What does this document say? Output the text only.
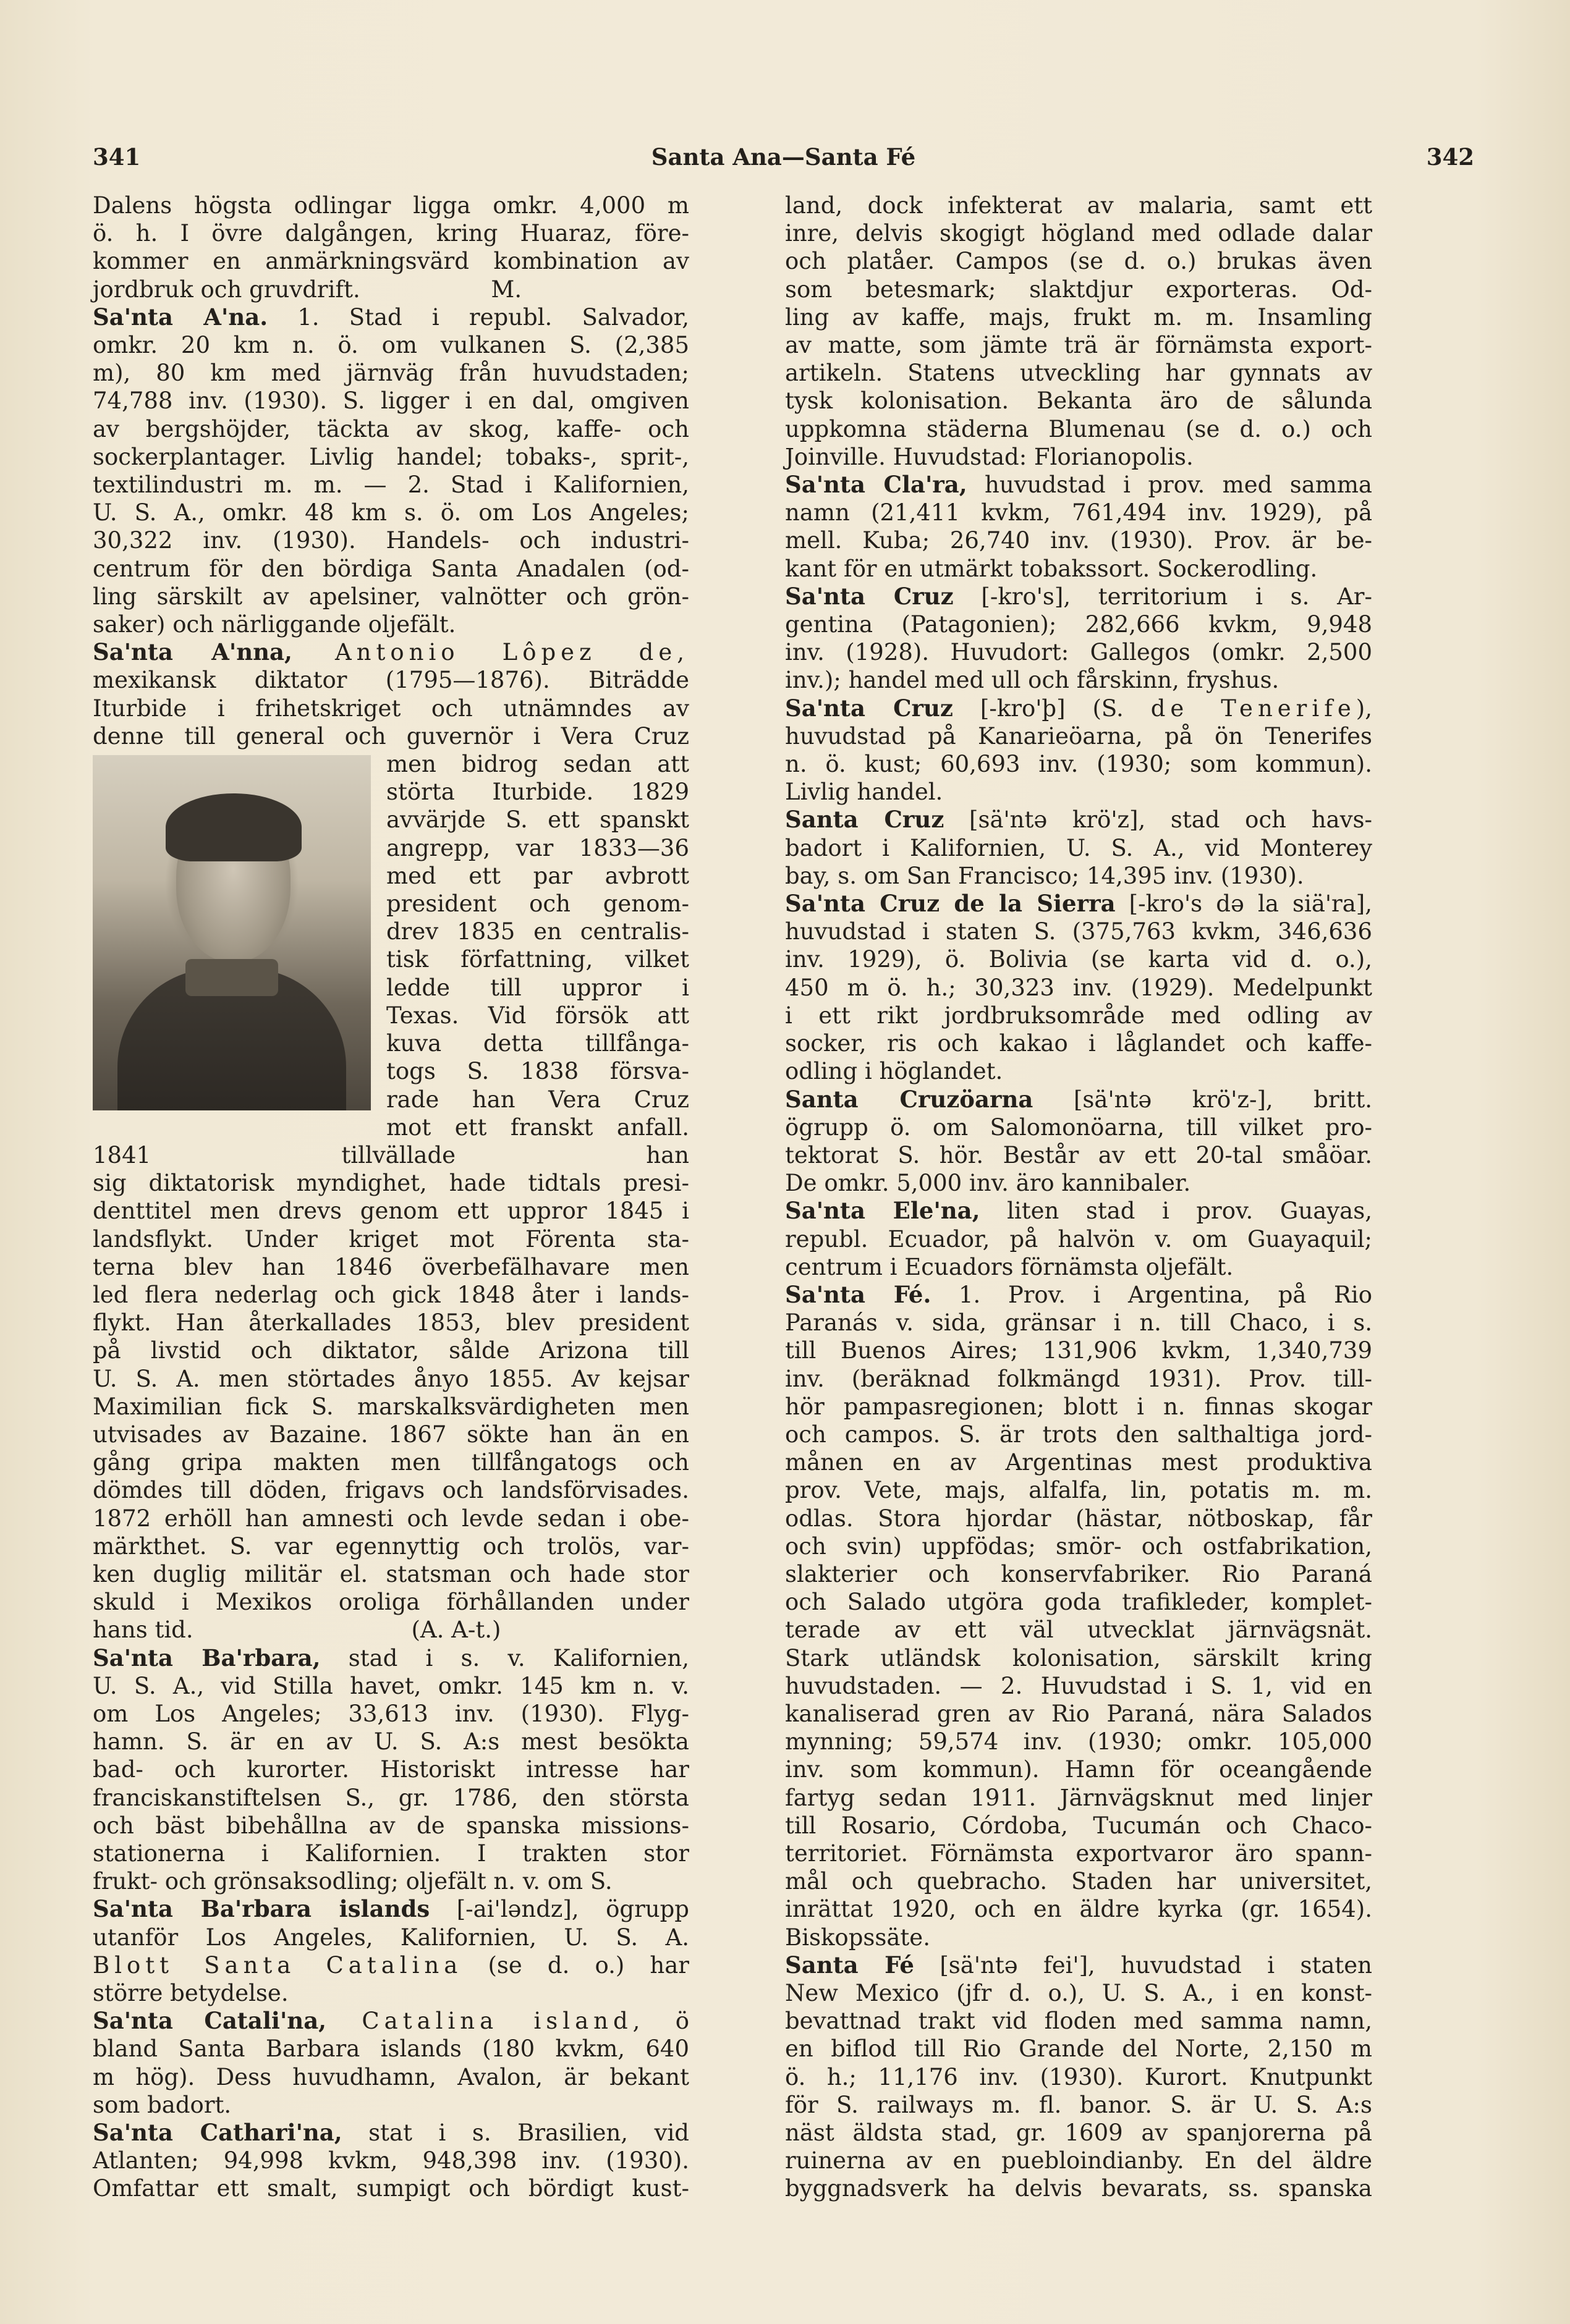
341	Santa Ana—Santa Fé	342

Dalens högsta odlingar ligga omkr. 4,000 m

ö. h. I övre dalgången, kring Huaraz, före-

kommer en anmärkningsvärd kombination av

jordbruk och gruvdrift.                  M.

Sa'nta A'na. 1. Stad i republ. Salvador,

omkr. 20 km n. ö. om vulkanen S. (2,385

m), 80 km med järnväg från huvudstaden;

74,788 inv. (1930). S. ligger i en dal, omgiven

av bergshöjder, täckta av skog, kaffe- och

sockerplantager. Livlig handel; tobaks-, sprit-,

textilindustri m. m. — 2. Stad i Kalifornien,

U. S. A., omkr. 48 km s. ö. om Los Angeles;

30,322 inv. (1930). Handels- och industri-

centrum för den bördiga Santa Anadalen (od-

ling särskilt av apelsiner, valnötter och grön-

saker) och närliggande oljefält.

Sa'nta A'nna, Antonio Lôpez de,

mexikansk diktator (1795—1876). Biträdde

Iturbide i frihetskriget och utnämndes av

denne till general och guvernör i Vera Cruz

men bidrog sedan att

störta Iturbide. 1829

avvärjde S. ett spanskt

angrepp, var 1833—36

med ett par avbrott

president och genom-

drev 1835 en centralis-

tisk författning, vilket

ledde till uppror i

Texas. Vid försök att

kuva detta tillfånga-

togs S. 1838 försva-

rade han Vera Cruz

mot ett franskt anfall.

1841 tillvällade han

sig diktatorisk myndighet, hade tidtals presi-

denttitel men drevs genom ett uppror 1845 i

landsflykt. Under kriget mot Förenta sta-

terna blev han 1846 överbefälhavare men

led flera nederlag och gick 1848 åter i lands-

flykt. Han återkallades 1853, blev president

på livstid och diktator, sålde Arizona till

U. S. A. men störtades ånyo 1855. Av kejsar

Maximilian fick S. marskalksvärdigheten men

utvisades av Bazaine. 1867 sökte han än en

gång gripa makten men tillfångatogs och

dömdes till döden, frigavs och landsförvisades.

1872 erhöll han amnesti och levde sedan i obe-

märkthet. S. var egennyttig och trolös, var-

ken duglig militär el. statsman och hade stor

skuld i Mexikos oroliga förhållanden under

hans tid.                              (A. A-t.)

Sa'nta Ba'rbara, stad i s. v. Kalifornien,

U. S. A., vid Stilla havet, omkr. 145 km n. v.

om Los Angeles; 33,613 inv. (1930). Flyg-

hamn. S. är en av U. S. A:s mest besökta

bad- och kurorter. Historiskt intresse har

franciskanstiftelsen S., gr. 1786, den största

och bäst bibehållna av de spanska missions-

stationerna i Kalifornien. I trakten stor

frukt- och grönsaksodling; oljefält n. v. om S.

Sa'nta Ba'rbara islands [-ai'ləndz], ögrupp

utanför Los Angeles, Kalifornien, U. S. A.

Blott Santa Catalina (se d. o.) har

större betydelse.

Sa'nta Catali'na, Catalina island, ö

bland Santa Barbara islands (180 kvkm, 640

m hög). Dess huvudhamn, Avalon, är bekant

som badort.

Sa'nta Cathari'na, stat i s. Brasilien, vid

Atlanten; 94,998 kvkm, 948,398 inv. (1930).

Omfattar ett smalt, sumpigt och bördigt kust-

land, dock infekterat av malaria, samt ett

inre, delvis skogigt högland med odlade dalar

och platåer. Campos (se d. o.) brukas även

som betesmark; slaktdjur exporteras. Od-

ling av kaffe, majs, frukt m. m. Insamling

av matte, som jämte trä är förnämsta export-

artikeln. Statens utveckling har gynnats av

tysk kolonisation. Bekanta äro de sålunda

uppkomna städerna Blumenau (se d. o.) och

Joinville. Huvudstad: Florianopolis.

Sa'nta Cla'ra, huvudstad i prov. med samma

namn (21,411 kvkm, 761,494 inv. 1929), på

mell. Kuba; 26,740 inv. (1930). Prov. är be-

kant för en utmärkt tobakssort. Sockerodling.

Sa'nta Cruz [-kro's], territorium i s. Ar-

gentina (Patagonien); 282,666 kvkm, 9,948

inv. (1928). Huvudort: Gallegos (omkr. 2,500

inv.); handel med ull och fårskinn, fryshus.

Sa'nta Cruz [-kro'þ] (S. de Tenerife),

huvudstad på Kanarieöarna, på ön Tenerifes

n. ö. kust; 60,693 inv. (1930; som kommun).

Livlig handel.

Santa Cruz [sä'ntə krö'z], stad och havs-

badort i Kalifornien, U. S. A., vid Monterey

bay, s. om San Francisco; 14,395 inv. (1930).

Sa'nta Cruz de la Sierra [-kro's də la siä'ra],

huvudstad i staten S. (375,763 kvkm, 346,636

inv. 1929), ö. Bolivia (se karta vid d. o.),

450 m ö. h.; 30,323 inv. (1929). Medelpunkt

i ett rikt jordbruksområde med odling av

socker, ris och kakao i låglandet och kaffe-

odling i höglandet.

Santa Cruzöarna [sä'ntə krö'z-], britt.

ögrupp ö. om Salomonöarna, till vilket pro-

tektorat S. hör. Består av ett 20-tal småöar.

De omkr. 5,000 inv. äro kannibaler.

Sa'nta Ele'na, liten stad i prov. Guayas,

republ. Ecuador, på halvön v. om Guayaquil;

centrum i Ecuadors förnämsta oljefält.

Sa'nta Fé. 1. Prov. i Argentina, på Rio

Paranás v. sida, gränsar i n. till Chaco, i s.

till Buenos Aires; 131,906 kvkm, 1,340,739

inv. (beräknad folkmängd 1931). Prov. till-

hör pampasregionen; blott i n. finnas skogar

och campos. S. är trots den salthaltiga jord-

månen en av Argentinas mest produktiva

prov. Vete, majs, alfalfa, lin, potatis m. m.

odlas. Stora hjordar (hästar, nötboskap, får

och svin) uppfödas; smör- och ostfabrikation,

slakterier och konservfabriker. Rio Paraná

och Salado utgöra goda trafikleder, komplet-

terade av ett väl utvecklat järnvägsnät.

Stark utländsk kolonisation, särskilt kring

huvudstaden. — 2. Huvudstad i S. 1, vid en

kanaliserad gren av Rio Paraná, nära Salados

mynning; 59,574 inv. (1930; omkr. 105,000

inv. som kommun). Hamn för oceangående

fartyg sedan 1911. Järnvägsknut med linjer

till Rosario, Córdoba, Tucumán och Chaco-

territoriet. Förnämsta exportvaror äro spann-

mål och quebracho. Staden har universitet,

inrättat 1920, och en äldre kyrka (gr. 1654).

Biskopssäte.

Santa Fé [sä'ntə fei'], huvudstad i staten

New Mexico (jfr d. o.), U. S. A., i en konst-

bevattnad trakt vid floden med samma namn,

en biflod till Rio Grande del Norte, 2,150 m

ö. h.; 11,176 inv. (1930). Kurort. Knutpunkt

för S. railways m. fl. banor. S. är U. S. A:s

näst äldsta stad, gr. 1609 av spanjorerna på

ruinerna av en puebloindianby. En del äldre

byggnadsverk ha delvis bevarats, ss. spanska
